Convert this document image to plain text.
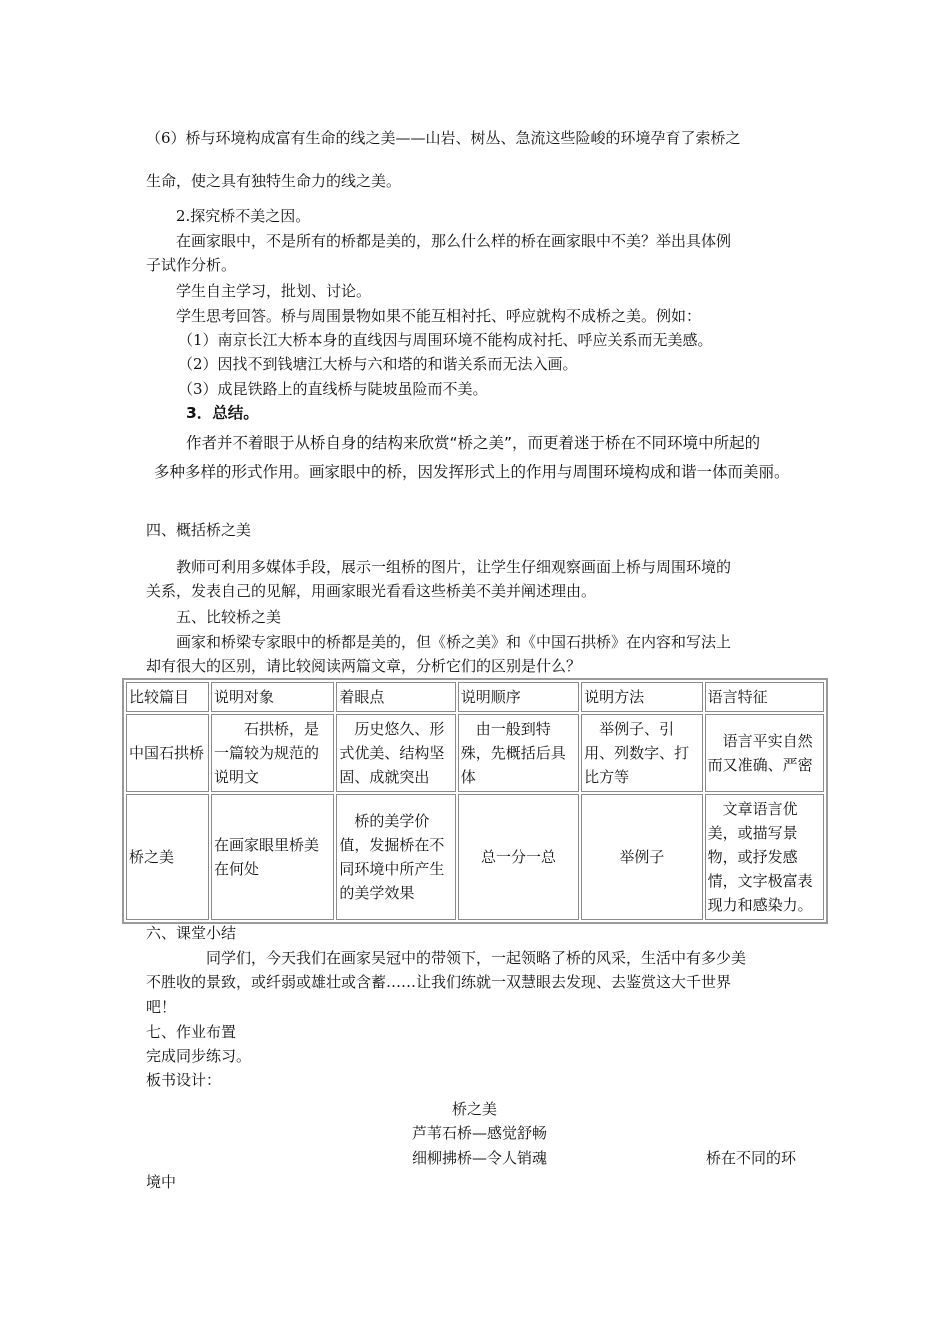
（6）桥与环境构成富有生命的线之美——山岩、树丛、急流这些险峻的环境孕育了索桥之
生命，使之具有独特生命力的线之美。
2.探究桥不美之因。
在画家眼中，不是所有的桥都是美的，那么什么样的桥在画家眼中不美？举出具体例
子试作分析。
学生自主学习，批划、讨论。
学生思考回答。桥与周围景物如果不能互相衬托、呼应就构不成桥之美。例如：
（1）南京长江大桥本身的直线因与周围环境不能构成衬托、呼应关系而无美感。
（2）因找不到钱塘江大桥与六和塔的和谐关系而无法入画。
（3）成昆铁路上的直线桥与陡坡虽险而不美。
3．总结。
作者并不着眼于从桥自身的结构来欣赏“桥之美”，而更着迷于桥在不同环境中所起的
多种多样的形式作用。画家眼中的桥，因发挥形式上的作用与周围环境构成和谐一体而美丽。
四、概括桥之美
教师可利用多媒体手段，展示一组桥的图片，让学生仔细观察画面上桥与周围环境的
关系，发表自己的见解，用画家眼光看看这些桥美不美并阐述理由。
五、比较桥之美
画家和桥梁专家眼中的桥都是美的，但《桥之美》和《中国石拱桥》在内容和写法上
却有很大的区别，请比较阅读两篇文章，分析它们的区别是什么？
比较篇目	说明对象	着眼点	说明顺序	说明方法	语言特征
中国石拱桥	石拱桥，是一篇较为规范的说明文	历史悠久、形式优美、结构坚固、成就突出	由一般到特殊，先概括后具体	举例子、引用、列数字、打比方等	语言平实自然而又准确、严密
桥之美	在画家眼里桥美在何处	桥的美学价值，发掘桥在不同环境中所产生的美学效果	总一分一总	举例子	文章语言优美，或描写景物，或抒发感情，文字极富表现力和感染力。
六、课堂小结
同学们，今天我们在画家吴冠中的带领下，一起领略了桥的风采，生活中有多少美
不胜收的景致，或纤弱或雄壮或含蓄……让我们练就一双慧眼去发现、去鉴赏这大千世界
吧！
七、作业布置
完成同步练习。
板书设计：
桥之美
芦苇石桥—感觉舒畅
细柳拂桥—令人销魂	桥在不同的环
境中
